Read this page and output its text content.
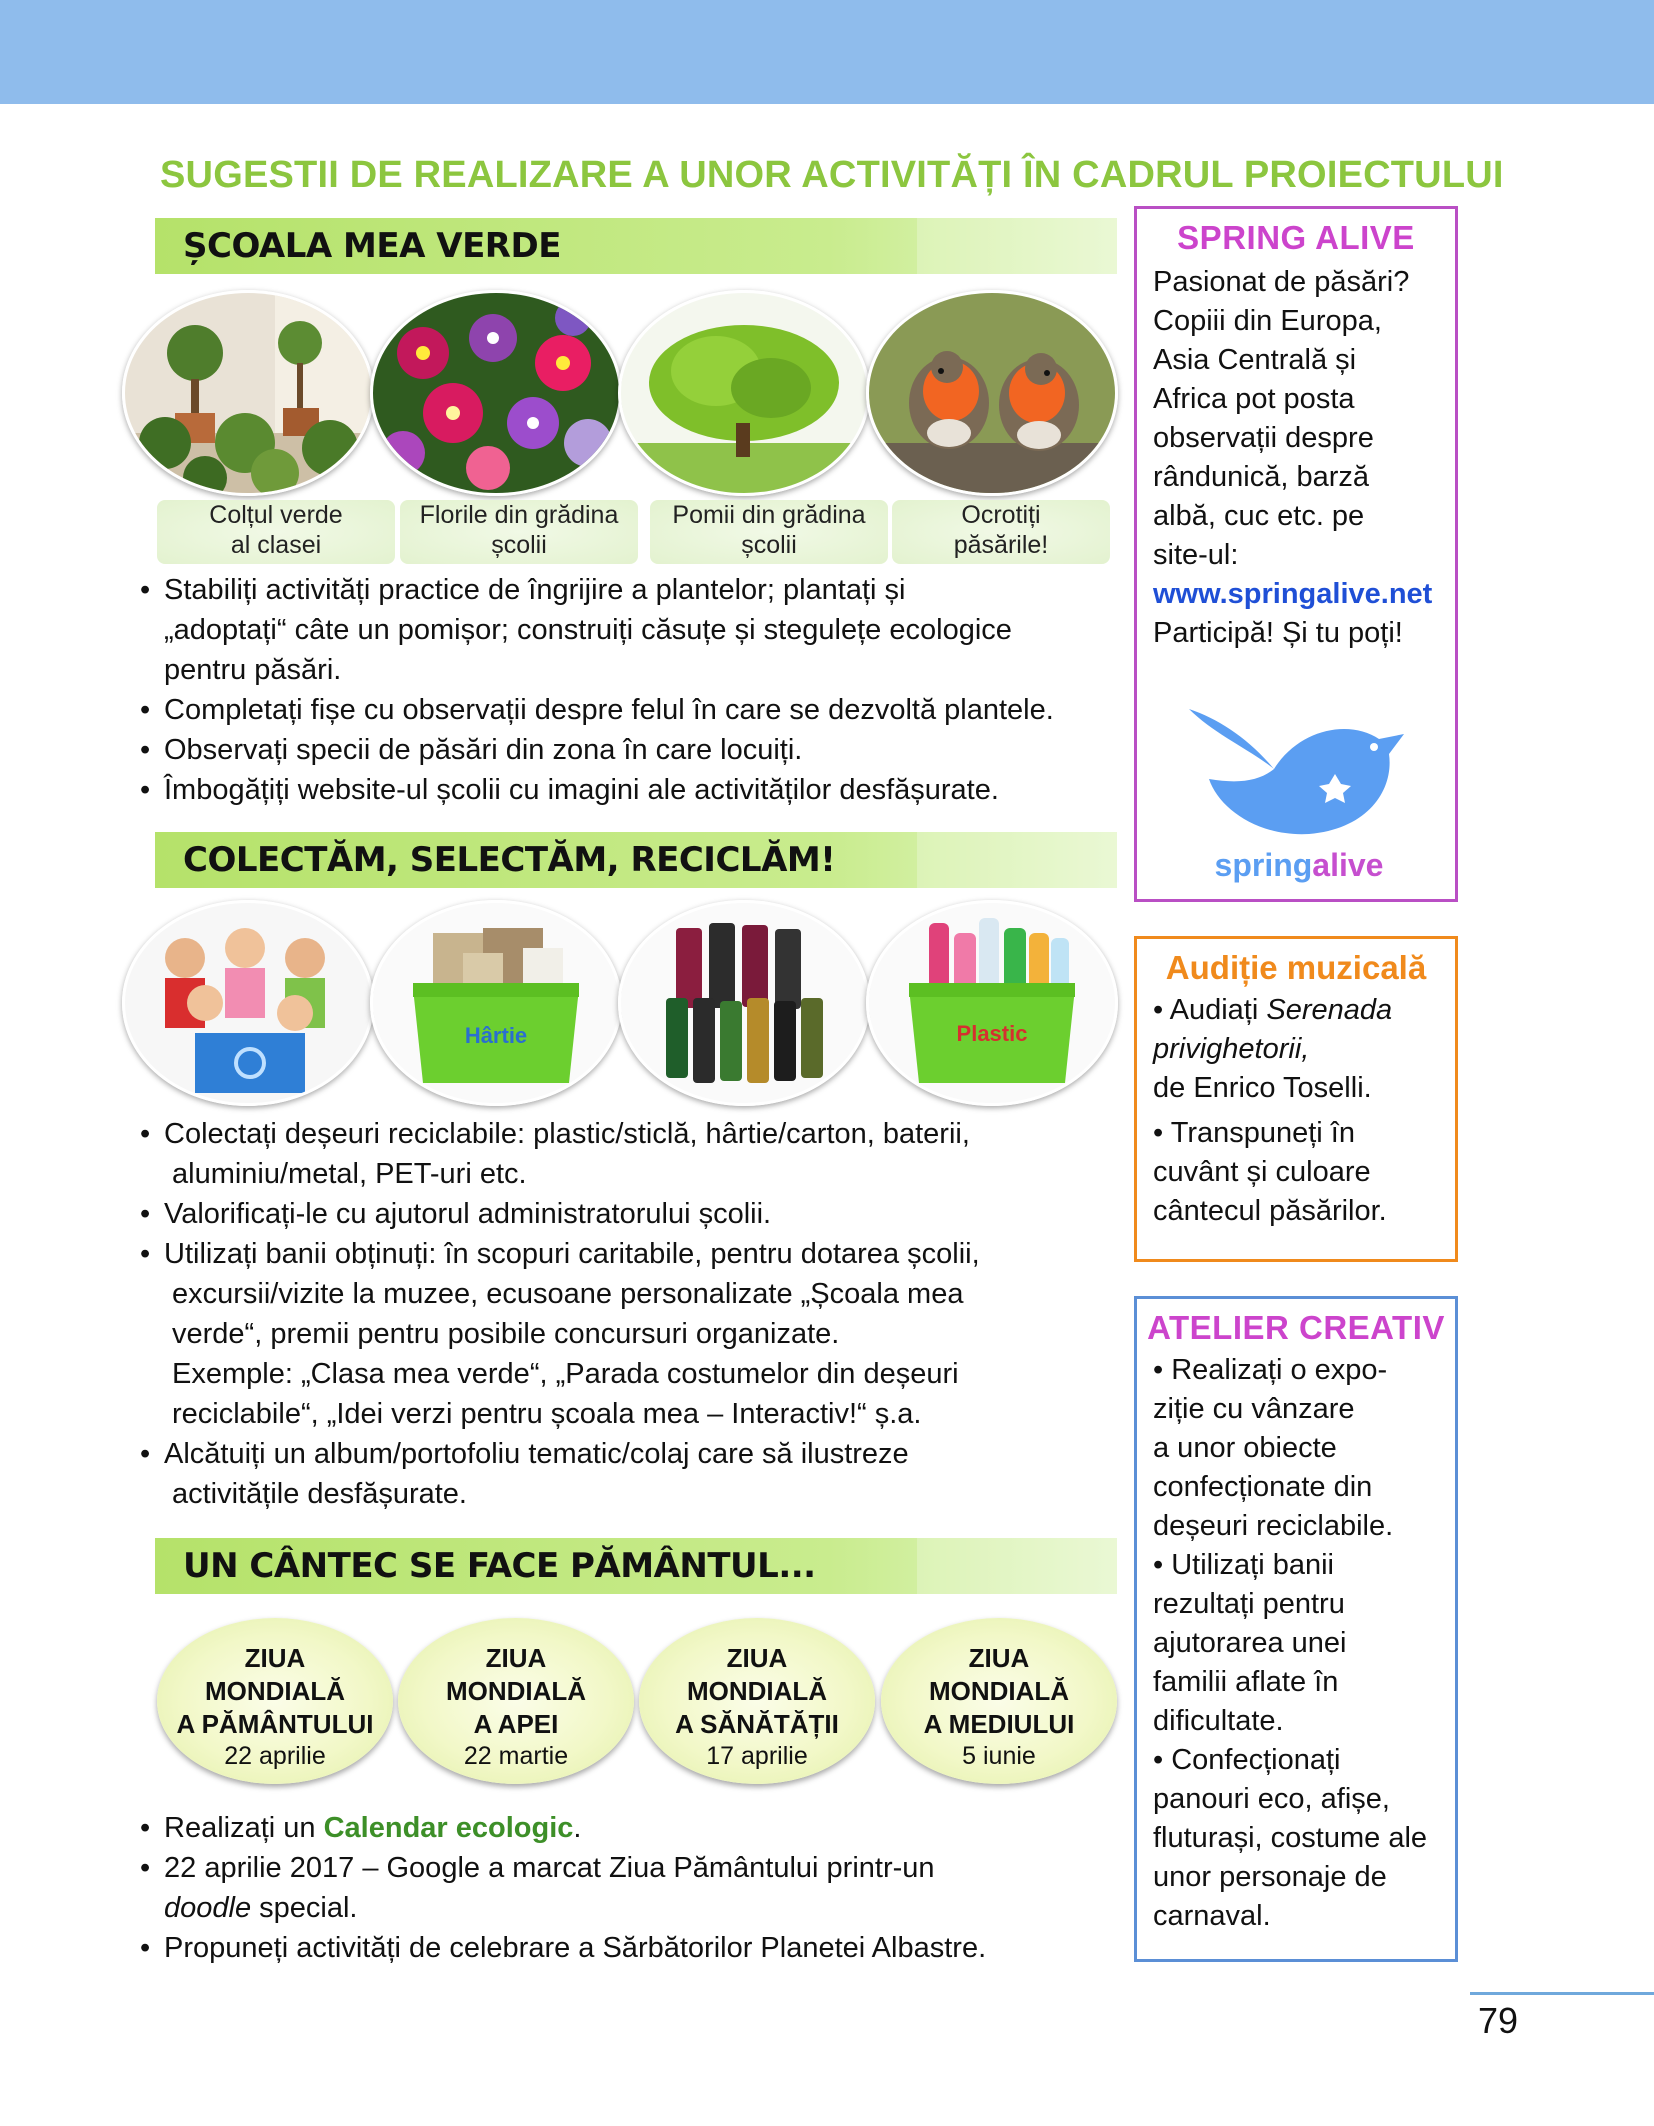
SUGESTII DE REALIZARE A UNOR ACTIVITĂȚI ÎN CADRUL PROIECTULUI
ȘCOALA MEA VERDE
Colțul verde
al clasei
Florile din grădina
școlii
Pomii din grădina
școlii
Ocrotiți
păsările!
• Stabiliți activități practice de îngrijire a plantelor; plantați și
„adoptați“ câte un pomișor; construiți căsuțe și stegulețe ecologice
pentru păsări.
• Completați fișe cu observații despre felul în care se dezvoltă plantele.
• Observați specii de păsări din zona în care locuiți.
• Îmbogățiți website-ul școlii cu imagini ale activităților desfășurate.
COLECTĂM, SELECTĂM, RECICLĂM!
Hârtie	Plastic
• Colectați deșeuri reciclabile: plastic/sticlă, hârtie/carton, baterii,
aluminiu/metal, PET-uri etc.
• Valorificați-le cu ajutorul administratorului școlii.
• Utilizați banii obținuți: în scopuri caritabile, pentru dotarea școlii,
excursii/vizite la muzee, ecusoane personalizate „Școala mea
verde“, premii pentru posibile concursuri organizate.
Exemple: „Clasa mea verde“, „Parada costumelor din deșeuri
reciclabile“, „Idei verzi pentru școala mea – Interactiv!“ ș.a.
• Alcătuiți un album/portofoliu tematic/colaj care să ilustreze
activitățile desfășurate.
UN CÂNTEC SE FACE PĂMÂNTUL...
ZIUA
MONDIALĂ
A PĂMÂNTULUI
22 aprilie
ZIUA
MONDIALĂ
A APEI
22 martie
ZIUA
MONDIALĂ
A SĂNĂTĂȚII
17 aprilie
ZIUA
MONDIALĂ
A MEDIULUI
5 iunie
• Realizați un Calendar ecologic.
• 22 aprilie 2017 – Google a marcat Ziua Pământului printr-un
doodle special.
• Propuneți activități de celebrare a Sărbătorilor Planetei Albastre.
SPRING ALIVE
Pasionat de păsări?
Copiii din Europa,
Asia Centrală și
Africa pot posta
observații despre
rândunică, barză
albă, cuc etc. pe
site-ul:
www.springalive.net
Participă! Și tu poți!
springalive
Audiție muzicală
• Audiați Serenada
privighetorii,
de Enrico Toselli.
• Transpuneți în
cuvânt și culoare
cântecul păsărilor.
ATELIER CREATIV
• Realizați o expo-
ziție cu vânzare
a unor obiecte
confecționate din
deșeuri reciclabile.
• Utilizați banii
rezultați pentru
ajutorarea unei
familii aflate în
dificultate.
• Confecționați
panouri eco, afișe,
fluturași, costume ale
unor personaje de
carnaval.
79
